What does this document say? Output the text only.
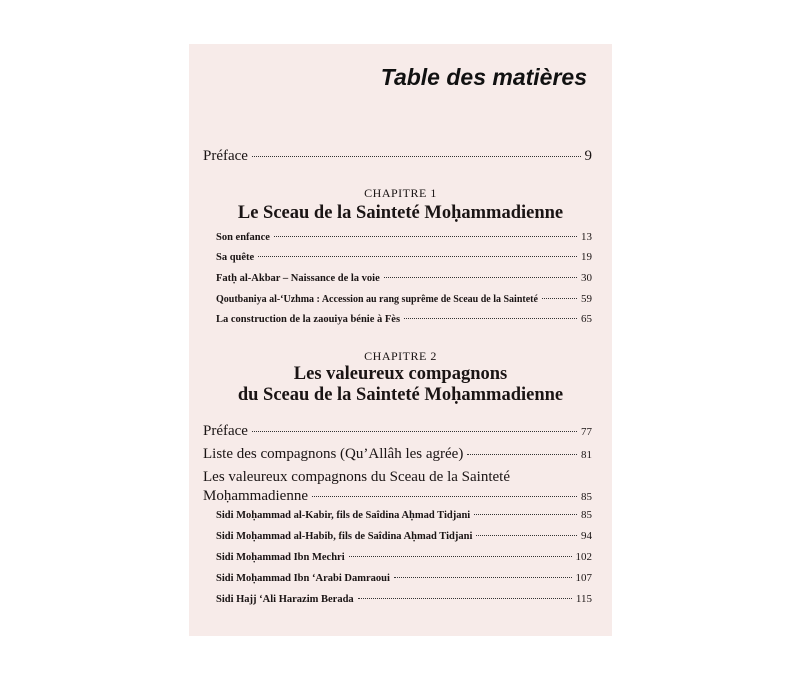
Table des matières
Préface	9
CHAPITRE 1
Le Sceau de la Sainteté Moḥammadienne
Son enfance	13
Sa quête	19
Fatḥ al-Akbar – Naissance de la voie	30
Qoutbaniya al-‘Uzhma : Accession au rang suprême de Sceau de la Sainteté	59
La construction de la zaouiya bénie à Fès	65
CHAPITRE 2
Les valeureux compagnons
du Sceau de la Sainteté Moḥammadienne
Préface	77
Liste des compagnons (Qu’Allâh les agrée)	81
Les valeureux compagnons du Sceau de la Sainteté
Moḥammadienne	85
Sidi Moḥammad al-Kabir, fils de Saîdina Aḥmad Tidjani	85
Sidi Moḥammad al-Habib, fils de Saîdina Aḥmad Tidjani	94
Sidi Moḥammad Ibn Mechri	102
Sidi Moḥammad Ibn ‘Arabi Damraoui	107
Sidi Hajj ‘Ali Harazim Berada	115
